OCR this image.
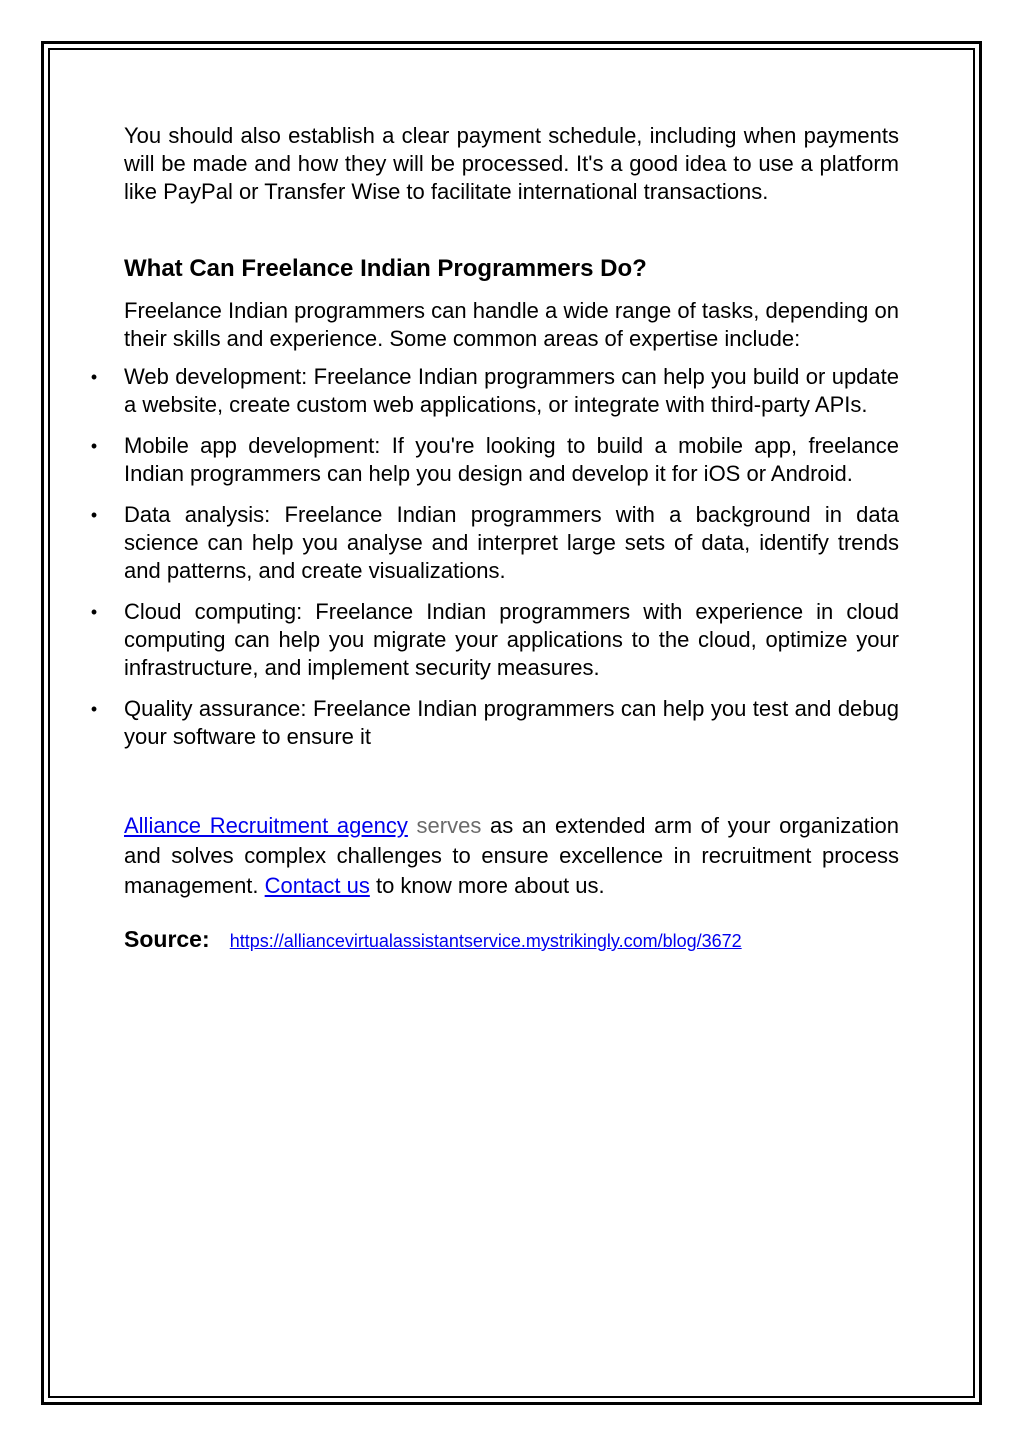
You should also establish a clear payment schedule, including when payments will be made and how they will be processed. It's a good idea to use a platform like PayPal or Transfer Wise to facilitate international transactions.

What Can Freelance Indian Programmers Do?

Freelance Indian programmers can handle a wide range of tasks, depending on their skills and experience. Some common areas of expertise include:

• Web development: Freelance Indian programmers can help you build or update a website, create custom web applications, or integrate with third-party APIs.
• Mobile app development: If you're looking to build a mobile app, freelance Indian programmers can help you design and develop it for iOS or Android.
• Data analysis: Freelance Indian programmers with a background in data science can help you analyse and interpret large sets of data, identify trends and patterns, and create visualizations.
• Cloud computing: Freelance Indian programmers with experience in cloud computing can help you migrate your applications to the cloud, optimize your infrastructure, and implement security measures.
• Quality assurance: Freelance Indian programmers can help you test and debug your software to ensure it

Alliance Recruitment agency serves as an extended arm of your organization and solves complex challenges to ensure excellence in recruitment process management. Contact us to know more about us.

Source: https://alliancevirtualassistantservice.mystrikingly.com/blog/3672
